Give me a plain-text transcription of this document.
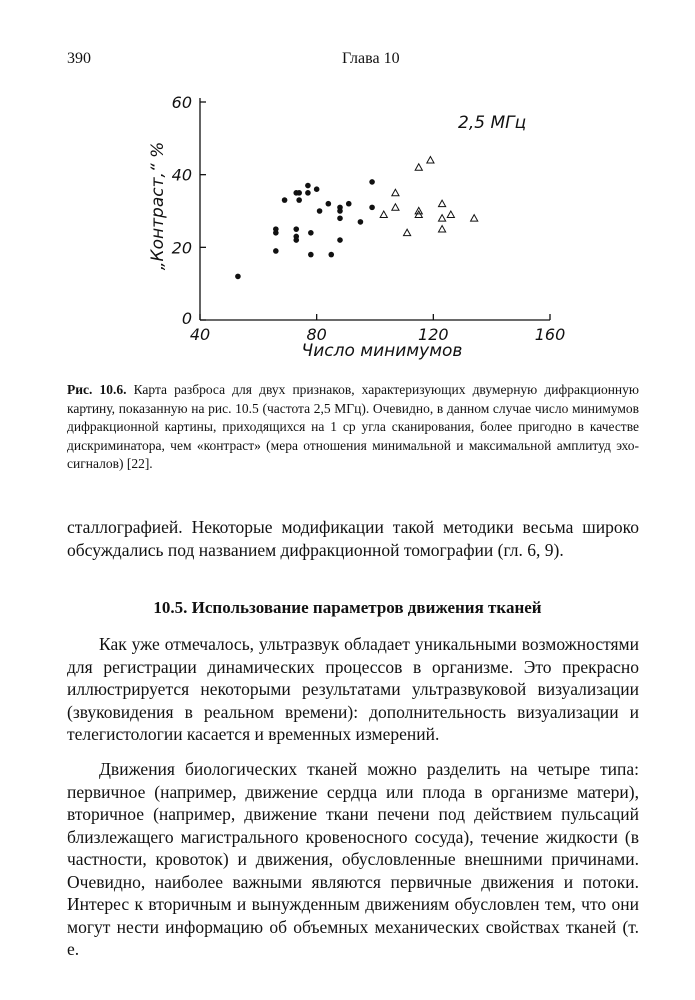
390	Глава 10
40	80	120	160
0
20
40
60
„Контраст,“ %
Число минимумов
2,5 МГц
Рис. 10.6. Карта разброса для двух признаков, характеризующих двумерную дифракционную картину, показанную на рис. 10.5 (частота 2,5 МГц). Очевидно, в данном случае число минимумов дифракционной картины, приходящихся на 1 ср угла сканирования, более пригодно в качестве дискриминатора, чем «контраст» (мера отношения минимальной и максимальной амплитуд эхо-сигналов) [22].
сталлографией. Некоторые модификации такой методики весьма широко обсуждались под названием дифракционной томографии (гл. 6, 9).
10.5. Использование параметров движения тканей
Как уже отмечалось, ультразвук обладает уникальными возможностями для регистрации динамических процессов в организме. Это прекрасно иллюстрируется некоторыми результатами ультразвуковой визуализации (звуковидения в реальном времени): дополнительность визуализации и телегистологии касается и временных измерений.
Движения биологических тканей можно разделить на четыре типа: первичное (например, движение сердца или плода в организме матери), вторичное (например, движение ткани печени под действием пульсаций близлежащего магистрального кровеносного сосуда), течение жидкости (в частности, кровоток) и движения, обусловленные внешними причинами. Очевидно, наиболее важными являются первичные движения и потоки. Интерес к вторичным и вынужденным движениям обусловлен тем, что они могут нести информацию об объемных механических свойствах тканей (т. е.
